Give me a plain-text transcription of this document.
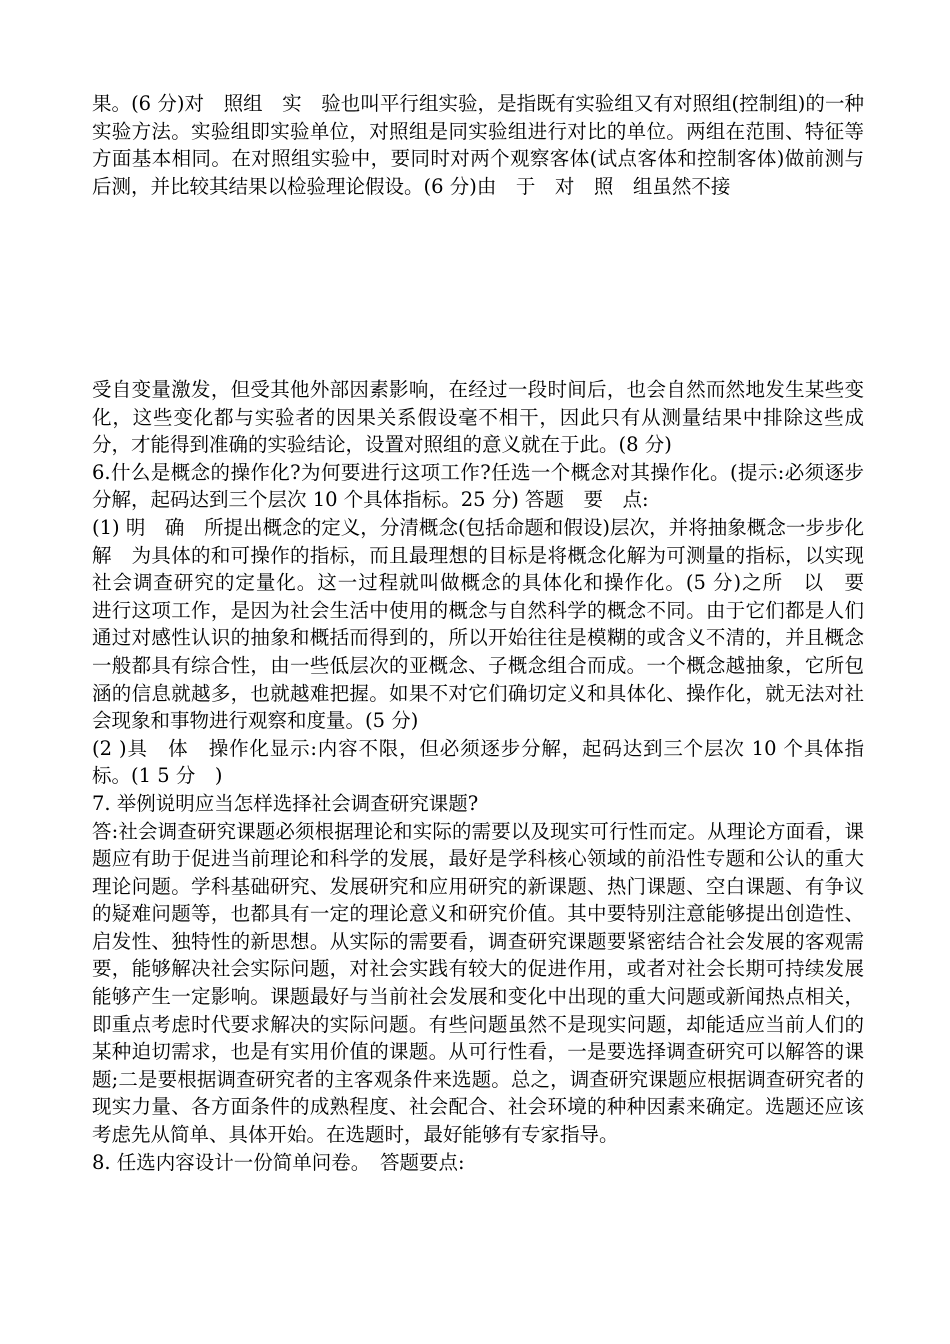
果。(6 分)对　照组　实　验也叫平行组实验，是指既有实验组又有对照组(控制组)的一种实验方法。实验组即实验单位，对照组是同实验组进行对比的单位。两组在范围、特征等方面基本相同。在对照组实验中，要同时对两个观察客体(试点客体和控制客体)做前测与后测，并比较其结果以检验理论假设。(6 分)由　于　对　照　组虽然不接

受自变量激发，但受其他外部因素影响，在经过一段时间后，也会自然而然地发生某些变化，这些变化都与实验者的因果关系假设毫不相干，因此只有从测量结果中排除这些成分，才能得到准确的实验结论，设置对照组的意义就在于此。(8 分)

6.什么是概念的操作化?为何要进行这项工作?任选一个概念对其操作化。(提示:必须逐步分解，起码达到三个层次 10 个具体指标。25 分) 答题　要　点:

(1) 明　确　所提出概念的定义，分清概念(包括命题和假设)层次，并将抽象概念一步步化解　为具体的和可操作的指标，而且最理想的目标是将概念化解为可测量的指标，以实现社会调查研究的定量化。这一过程就叫做概念的具体化和操作化。(5 分)之所　以　要　进行这项工作，是因为社会生活中使用的概念与自然科学的概念不同。由于它们都是人们通过对感性认识的抽象和概括而得到的，所以开始往往是模糊的或含义不清的，并且概念一般都具有综合性，由一些低层次的亚概念、子概念组合而成。一个概念越抽象，它所包涵的信息就越多，也就越难把握。如果不对它们确切定义和具体化、操作化，就无法对社会现象和事物进行观察和度量。(5 分)

(2 )具　体　操作化显示:内容不限，但必须逐步分解，起码达到三个层次 10 个具体指标。(1 5 分　)

7. 举例说明应当怎样选择社会调查研究课题?

答:社会调查研究课题必须根据理论和实际的需要以及现实可行性而定。从理论方面看，课题应有助于促进当前理论和科学的发展，最好是学科核心领域的前沿性专题和公认的重大理论问题。学科基础研究、发展研究和应用研究的新课题、热门课题、空白课题、有争议的疑难问题等，也都具有一定的理论意义和研究价值。其中要特别注意能够提出创造性、启发性、独特性的新思想。从实际的需要看，调查研究课题要紧密结合社会发展的客观需要，能够解决社会实际问题，对社会实践有较大的促进作用，或者对社会长期可持续发展能够产生一定影响。课题最好与当前社会发展和变化中出现的重大问题或新闻热点相关，即重点考虑时代要求解决的实际问题。有些问题虽然不是现实问题，却能适应当前人们的某种迫切需求，也是有实用价值的课题。从可行性看，一是要选择调查研究可以解答的课题;二是要根据调查研究者的主客观条件来选题。总之，调查研究课题应根据调查研究者的现实力量、各方面条件的成熟程度、社会配合、社会环境的种种因素来确定。选题还应该考虑先从简单、具体开始。在选题时，最好能够有专家指导。

8. 任选内容设计一份简单问卷。　答题要点:
